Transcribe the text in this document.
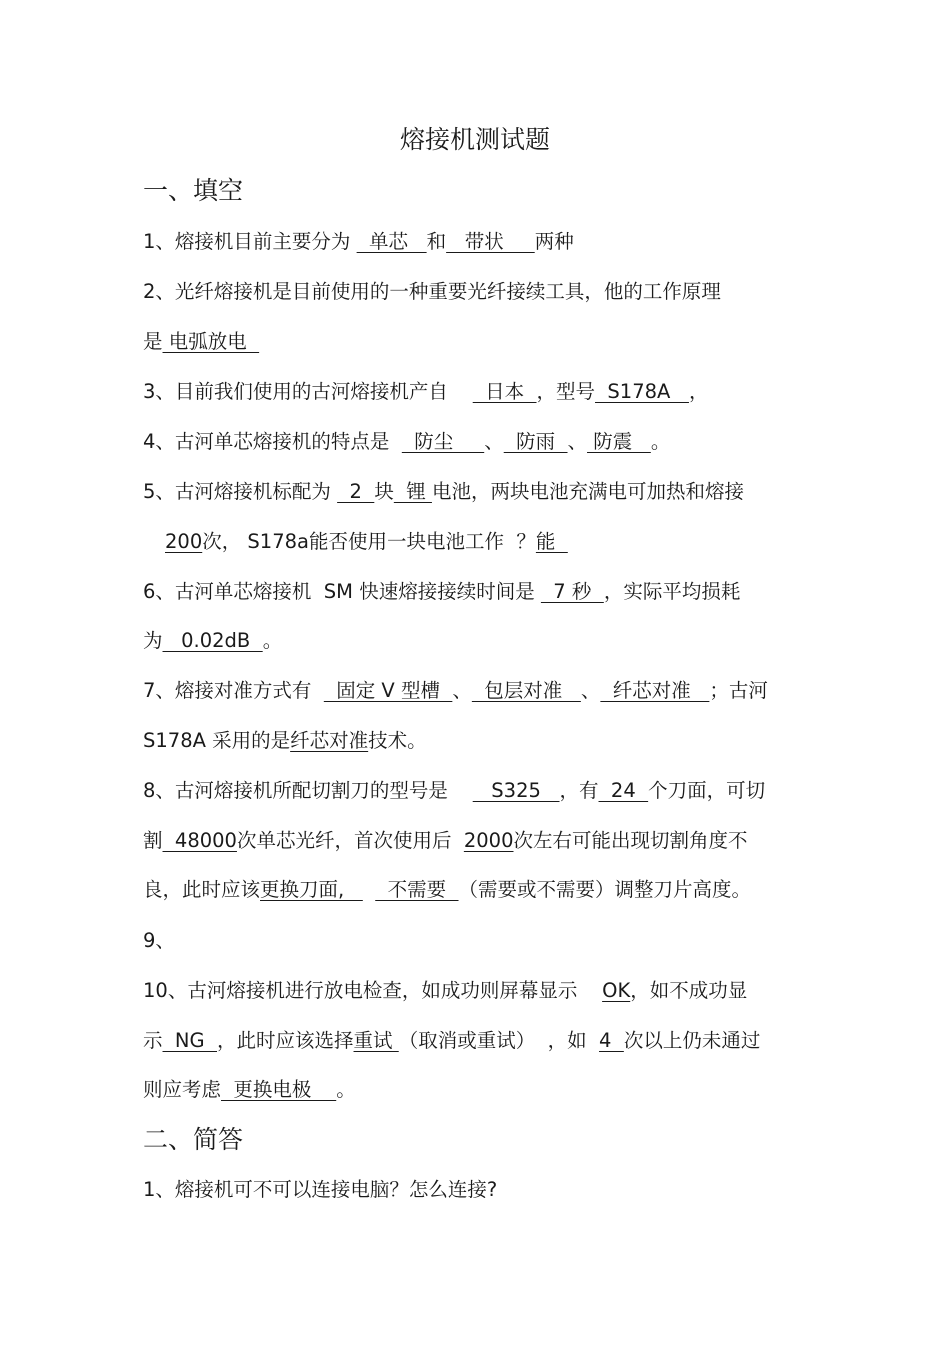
熔接机测试题
一、填空
1、熔接机目前主要分为   单芯   和   带状     两种
2、光纤熔接机是目前使用的一种重要光纤接续工具，他的工作原理
是 电弧放电
3、目前我们使用的古河熔接机产自      日本  ，型号  S178A   ，
4、古河单芯熔接机的特点是    防尘     、  防雨  、 防震   。
5、古河熔接机标配为   2  块  锂 电池，两块电池充满电可加热和熔接
200次， S178a能否使用一块电池工作  ？能
6、古河单芯熔接机  SM 快速熔接接续时间是   7 秒  ，实际平均损耗
为   0.02dB  。
7、熔接对准方式有    固定 V 型槽  、  包层对准   、  纤芯对准   ；古河
S178A 采用的是纤芯对准技术。
8、古河熔接机所配切割刀的型号是       S325   ，有  24  个刀面，可切
割  48000次单芯光纤，首次使用后  2000次左右可能出现切割角度不
良，此时应该更换刀面,       不需要  （需要或不需要）调整刀片高度。
9、
10、古河熔接机进行放电检查，如成功则屏幕显示    OK，如不成功显
示  NG  ，此时应该选择重试 （取消或重试）  ，如  4  次以上仍未通过
则应考虑  更换电极    。
二、简答
1、熔接机可不可以连接电脑？怎么连接?
